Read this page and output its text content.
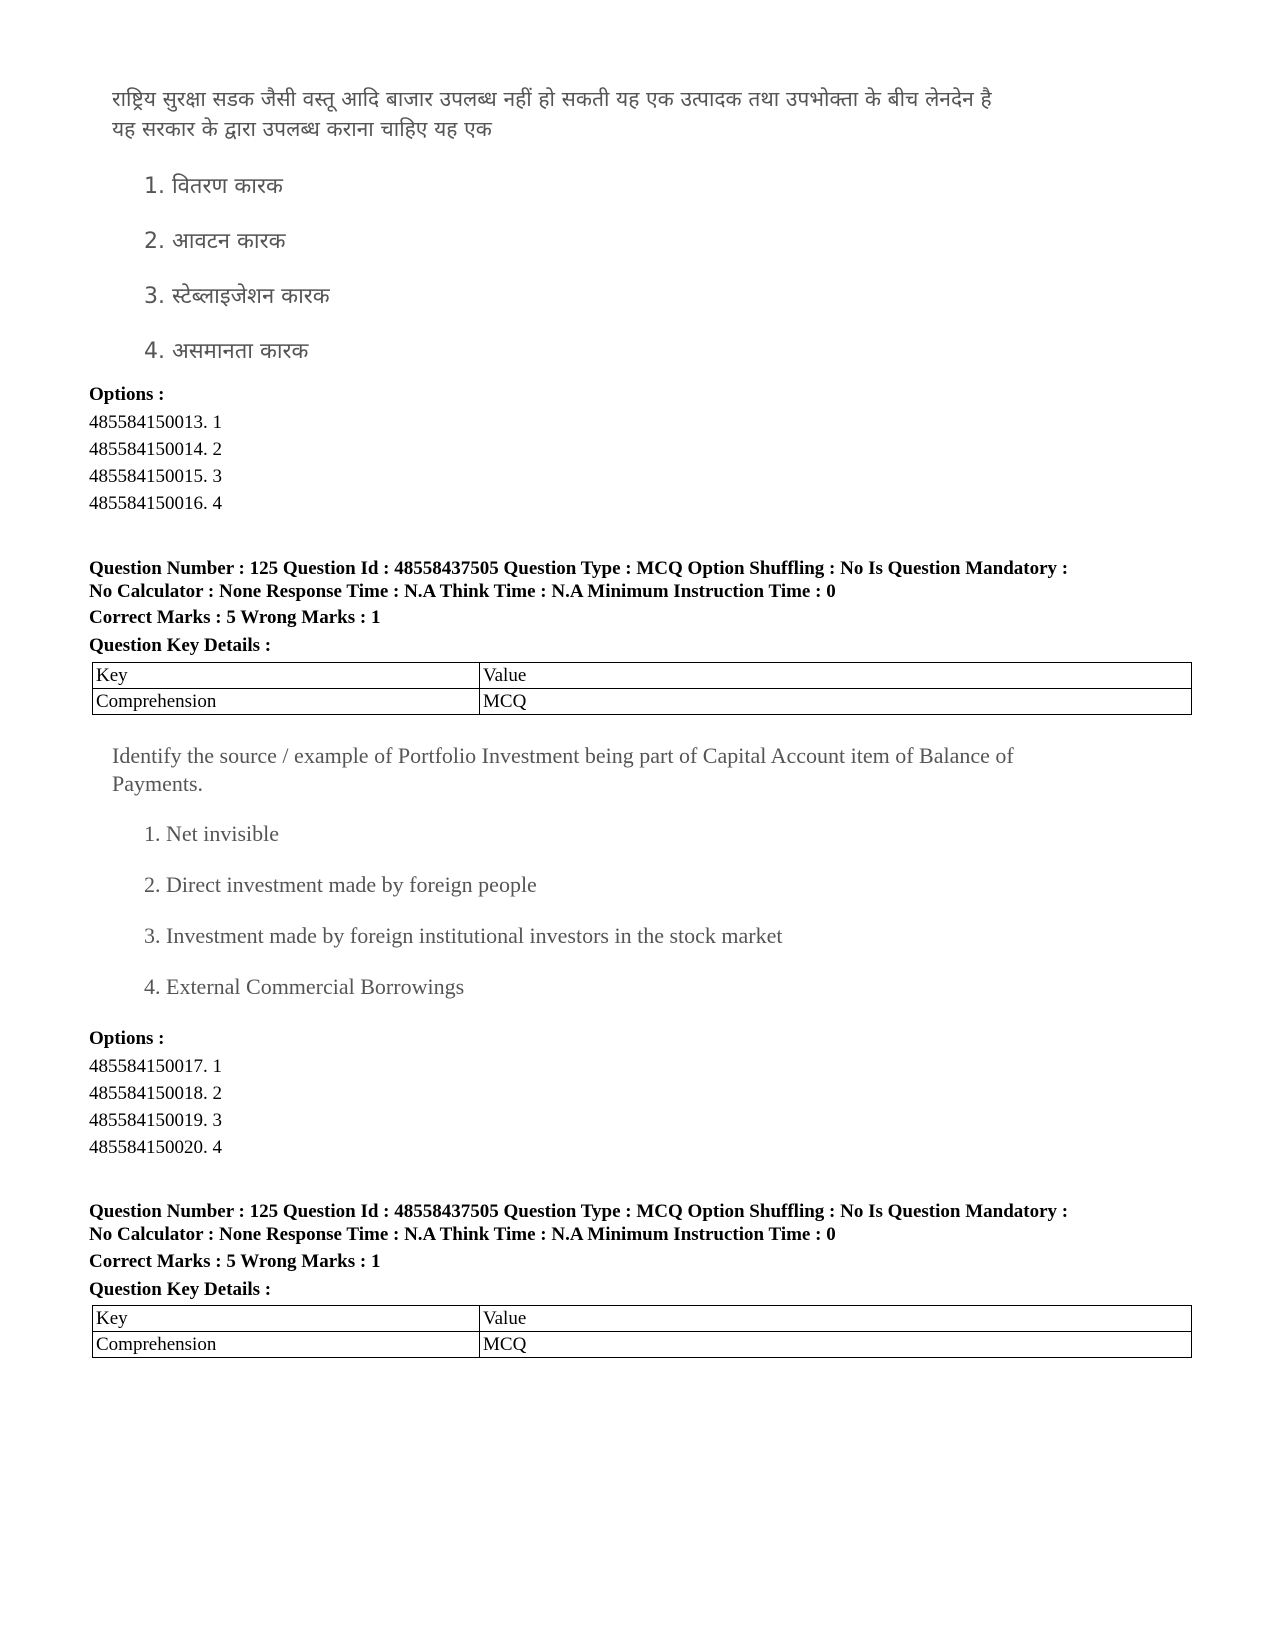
राष्ट्रिय सुरक्षा सडक जैसी वस्तू आदि बाजार उपलब्ध नहीं हो सकती यह एक उत्पादक तथा उपभोक्ता के बीच लेनदेन है
यह सरकार के द्वारा उपलब्ध कराना चाहिए यह एक
1. वितरण कारक
2. आवटन कारक
3. स्टेब्लाइजेशन कारक
4. असमानता कारक
Options :
485584150013. 1
485584150014. 2
485584150015. 3
485584150016. 4
Question Number : 125 Question Id : 48558437505 Question Type : MCQ Option Shuffling : No Is Question Mandatory :
No Calculator : None Response Time : N.A Think Time : N.A Minimum Instruction Time : 0
Correct Marks : 5 Wrong Marks : 1
Question Key Details :
Key	Value
Comprehension	MCQ
Identify the source / example of Portfolio Investment being part of Capital Account item of Balance of
Payments.
1. Net invisible
2. Direct investment made by foreign people
3. Investment made by foreign institutional investors in the stock market
4. External Commercial Borrowings
Options :
485584150017. 1
485584150018. 2
485584150019. 3
485584150020. 4
Question Number : 125 Question Id : 48558437505 Question Type : MCQ Option Shuffling : No Is Question Mandatory :
No Calculator : None Response Time : N.A Think Time : N.A Minimum Instruction Time : 0
Correct Marks : 5 Wrong Marks : 1
Question Key Details :
Key	Value
Comprehension	MCQ
